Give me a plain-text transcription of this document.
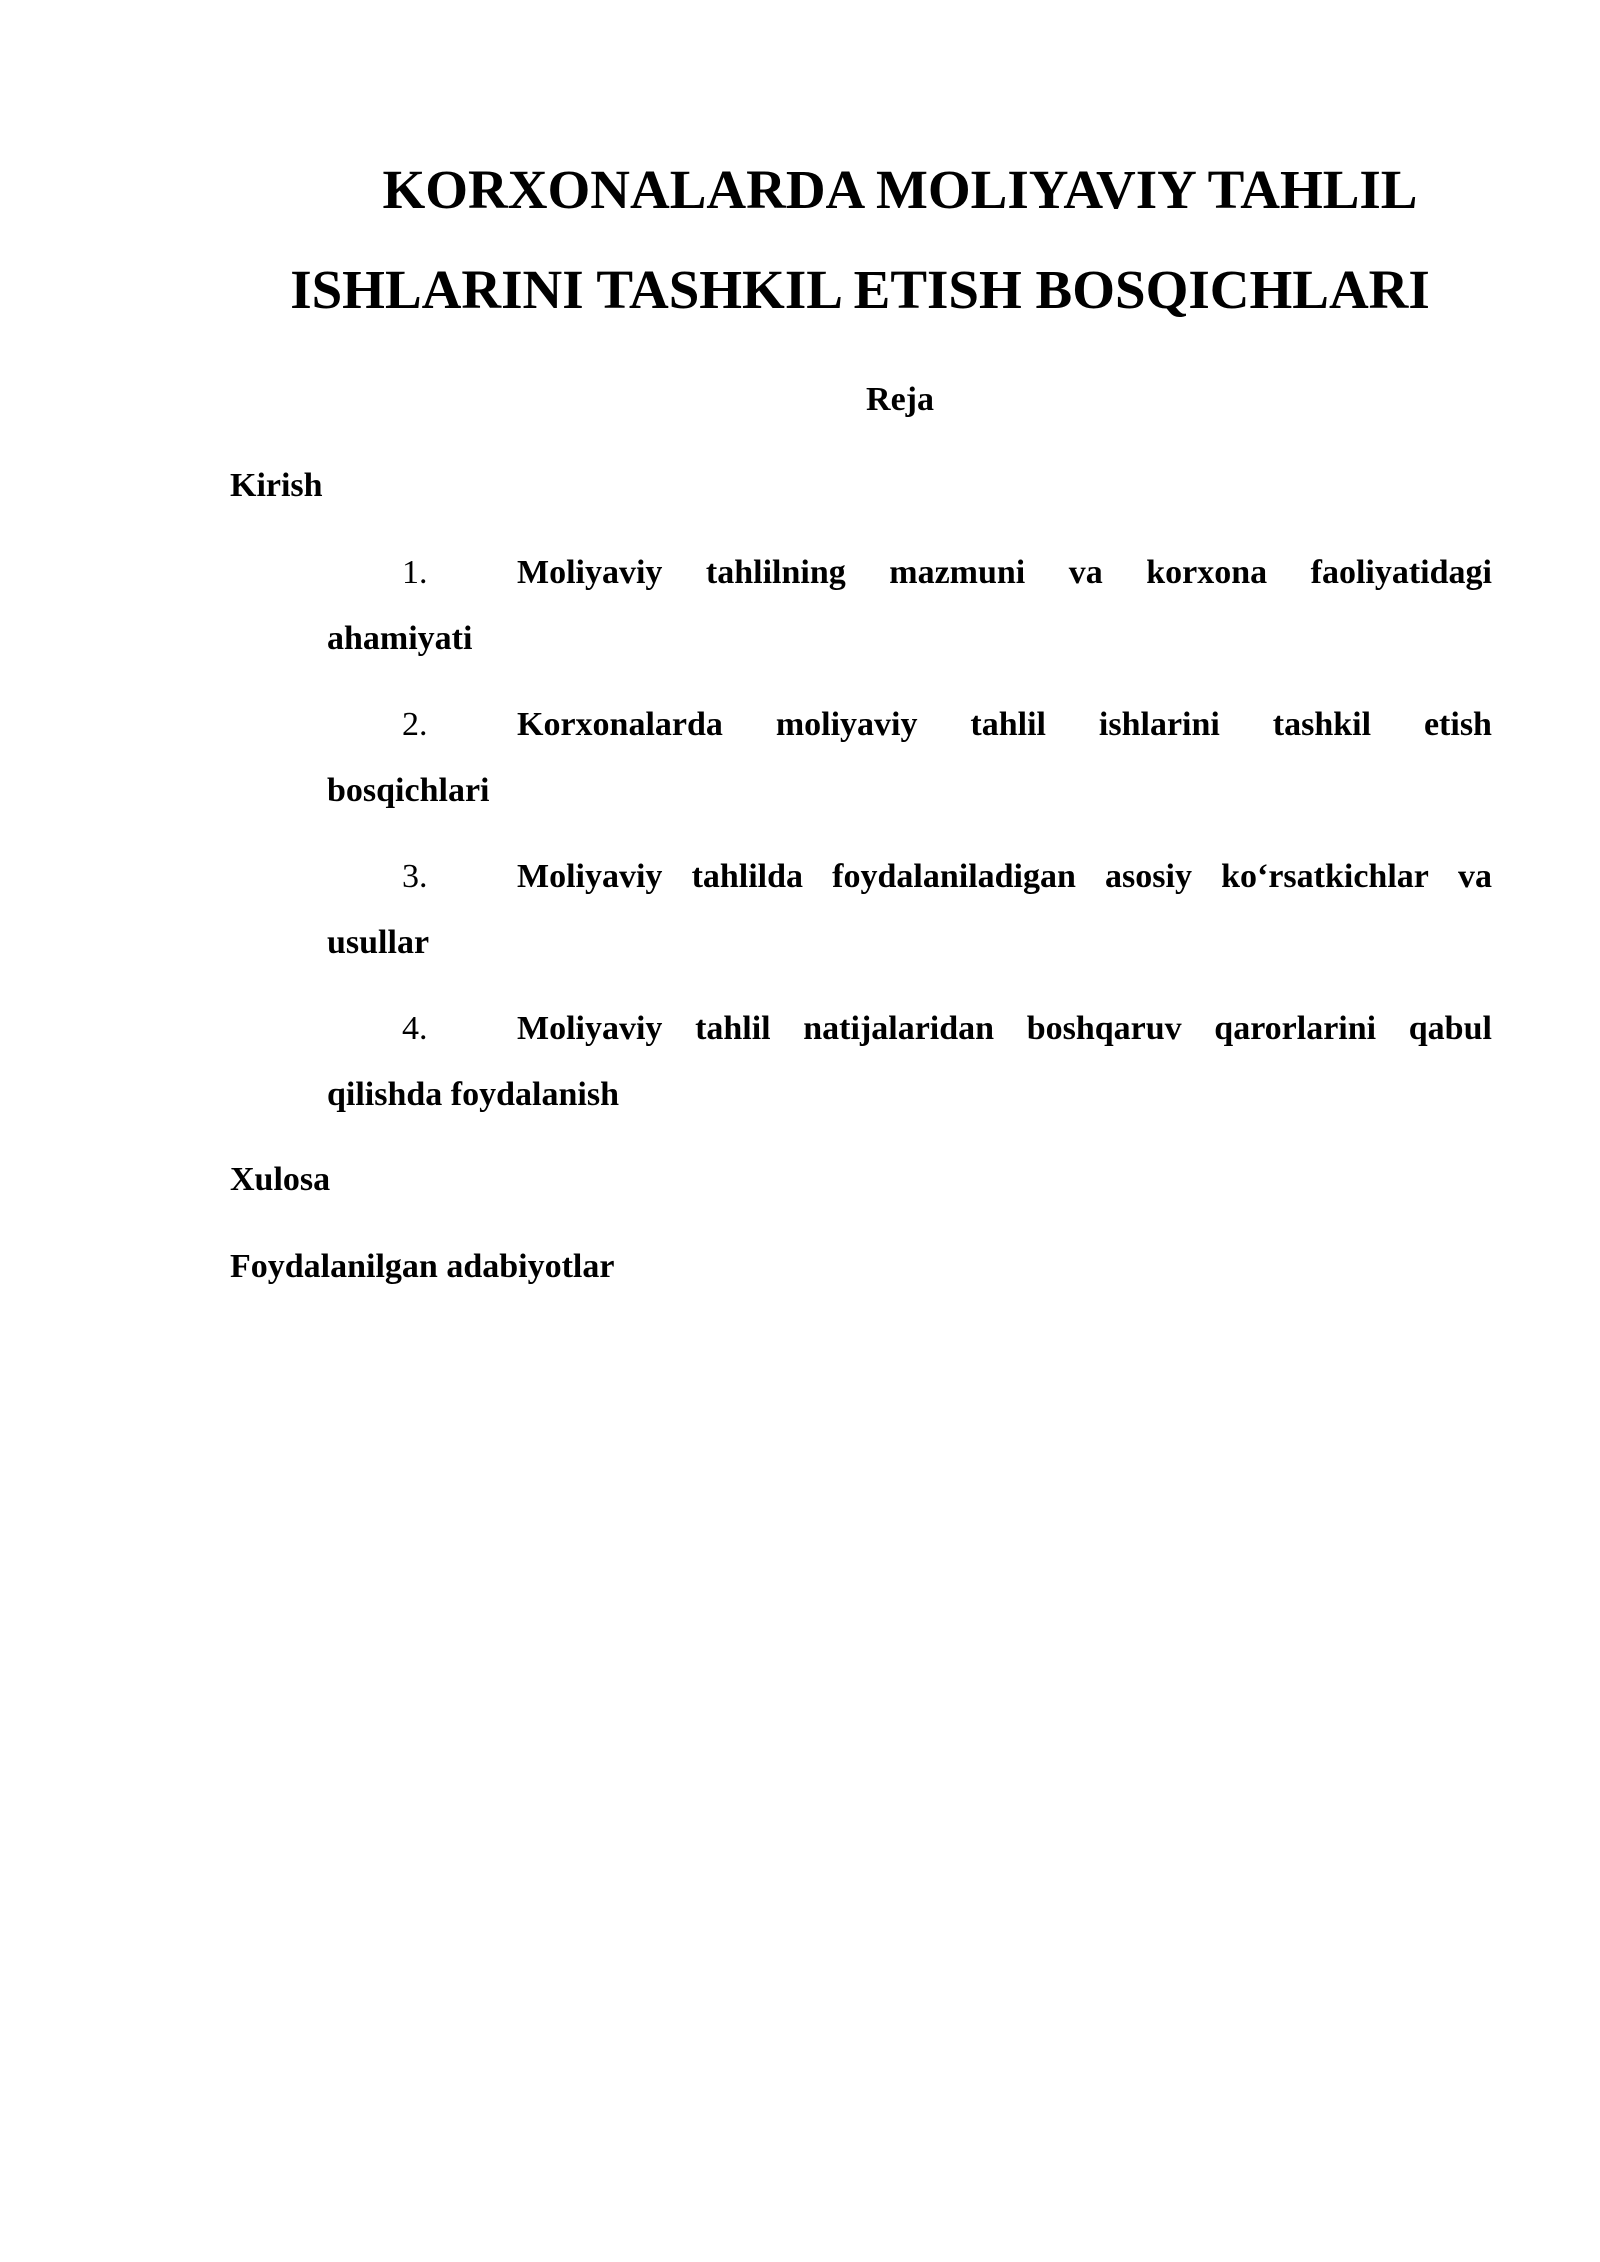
KORXONALARDA MOLIYAVIY TAHLIL
ISHLARINI TASHKIL ETISH BOSQICHLARI
Reja
Kirish
1.	Moliyaviy tahlilning mazmuni va korxona faoliyatidagi
ahamiyati
2.	Korxonalarda moliyaviy tahlil ishlarini tashkil etish
bosqichlari
3.	Moliyaviy tahlilda foydalaniladigan asosiy ko‘rsatkichlar va
usullar
4.	Moliyaviy tahlil natijalaridan boshqaruv qarorlarini qabul
qilishda foydalanish
Xulosa
Foydalanilgan adabiyotlar
